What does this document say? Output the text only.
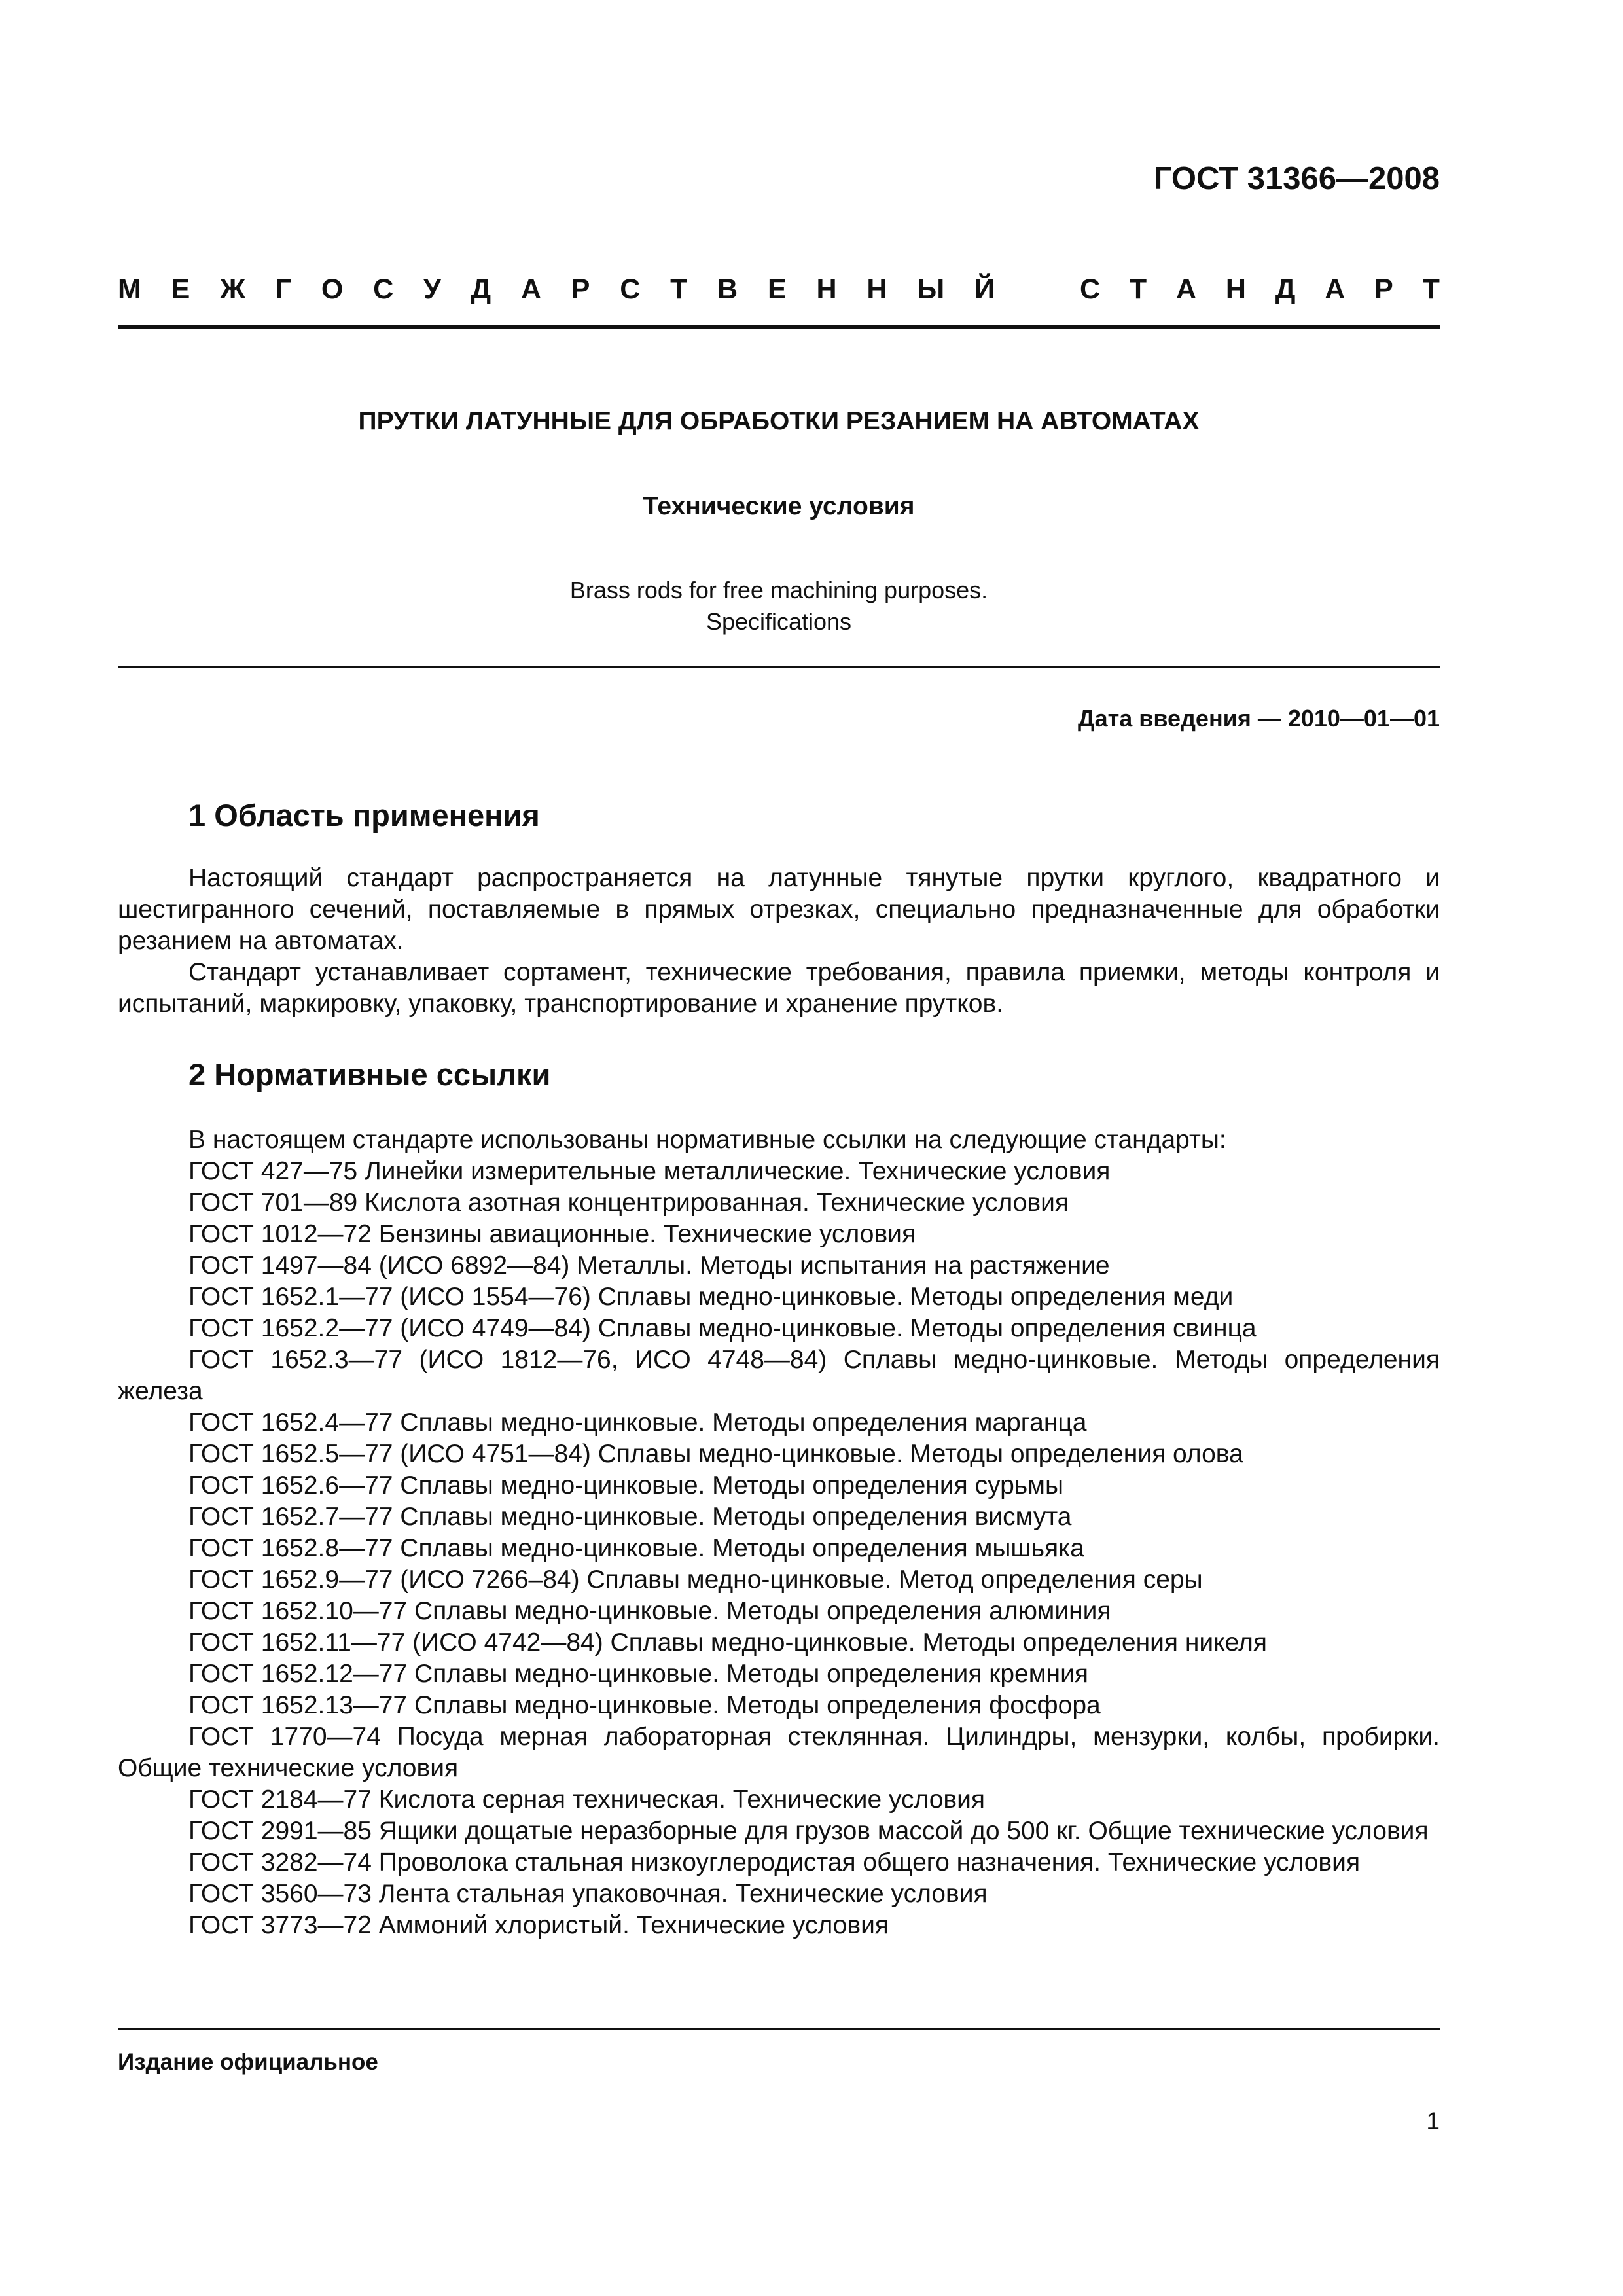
ГОСТ 31366—2008
М Е Ж Г О С У Д А Р С Т В Е Н Н Ы Й	С Т А Н Д А Р Т
ПРУТКИ ЛАТУННЫЕ ДЛЯ ОБРАБОТКИ РЕЗАНИЕМ НА АВТОМАТАХ
Технические условия
Brass rods for free machining purposes.
Specifications
Дата введения — 2010—01—01
1 Область применения

Настоящий стандарт распространяется на латунные тянутые прутки круглого, квадратного и шестигранного сечений, поставляемые в прямых отрезках, специально предназначенные для обработки резанием на автоматах.

Стандарт устанавливает сортамент, технические требования, правила приемки, методы контроля и испытаний, маркировку, упаковку, транспортирование и хранение прутков.

2 Нормативные ссылки
В настоящем стандарте использованы нормативные ссылки на следующие стандарты:
ГОСТ 427—75 Линейки измерительные металлические. Технические условия
ГОСТ 701—89 Кислота азотная концентрированная. Технические условия
ГОСТ 1012—72 Бензины авиационные. Технические условия
ГОСТ 1497—84 (ИСО 6892—84) Металлы. Методы испытания на растяжение
ГОСТ 1652.1—77 (ИСО 1554—76) Сплавы медно-цинковые. Методы определения меди
ГОСТ 1652.2—77 (ИСО 4749—84) Сплавы медно-цинковые. Методы определения свинца
ГОСТ 1652.3—77 (ИСО 1812—76, ИСО 4748—84) Сплавы медно-цинковые. Методы определения железа
ГОСТ 1652.4—77 Сплавы медно-цинковые. Методы определения марганца
ГОСТ 1652.5—77 (ИСО 4751—84) Сплавы медно-цинковые. Методы определения олова
ГОСТ 1652.6—77 Сплавы медно-цинковые. Методы определения сурьмы
ГОСТ 1652.7—77 Сплавы медно-цинковые. Методы определения висмута
ГОСТ 1652.8—77 Сплавы медно-цинковые. Методы определения мышьяка
ГОСТ 1652.9—77 (ИСО 7266–84) Сплавы медно-цинковые. Метод определения серы
ГОСТ 1652.10—77 Сплавы медно-цинковые. Методы определения алюминия
ГОСТ 1652.11—77 (ИСО 4742—84) Сплавы медно-цинковые. Методы определения никеля
ГОСТ 1652.12—77 Сплавы медно-цинковые. Методы определения кремния
ГОСТ 1652.13—77 Сплавы медно-цинковые. Методы определения фосфора
ГОСТ 1770—74 Посуда мерная лабораторная стеклянная. Цилиндры, мензурки, колбы, пробирки. Общие технические условия
ГОСТ 2184—77 Кислота серная техническая. Технические условия
ГОСТ 2991—85 Ящики дощатые неразборные для грузов массой до 500 кг. Общие технические условия
ГОСТ 3282—74 Проволока стальная низкоуглеродистая общего назначения. Технические условия
ГОСТ 3560—73 Лента стальная упаковочная. Технические условия
ГОСТ 3773—72 Аммоний хлористый. Технические условия
Издание официальное
1
